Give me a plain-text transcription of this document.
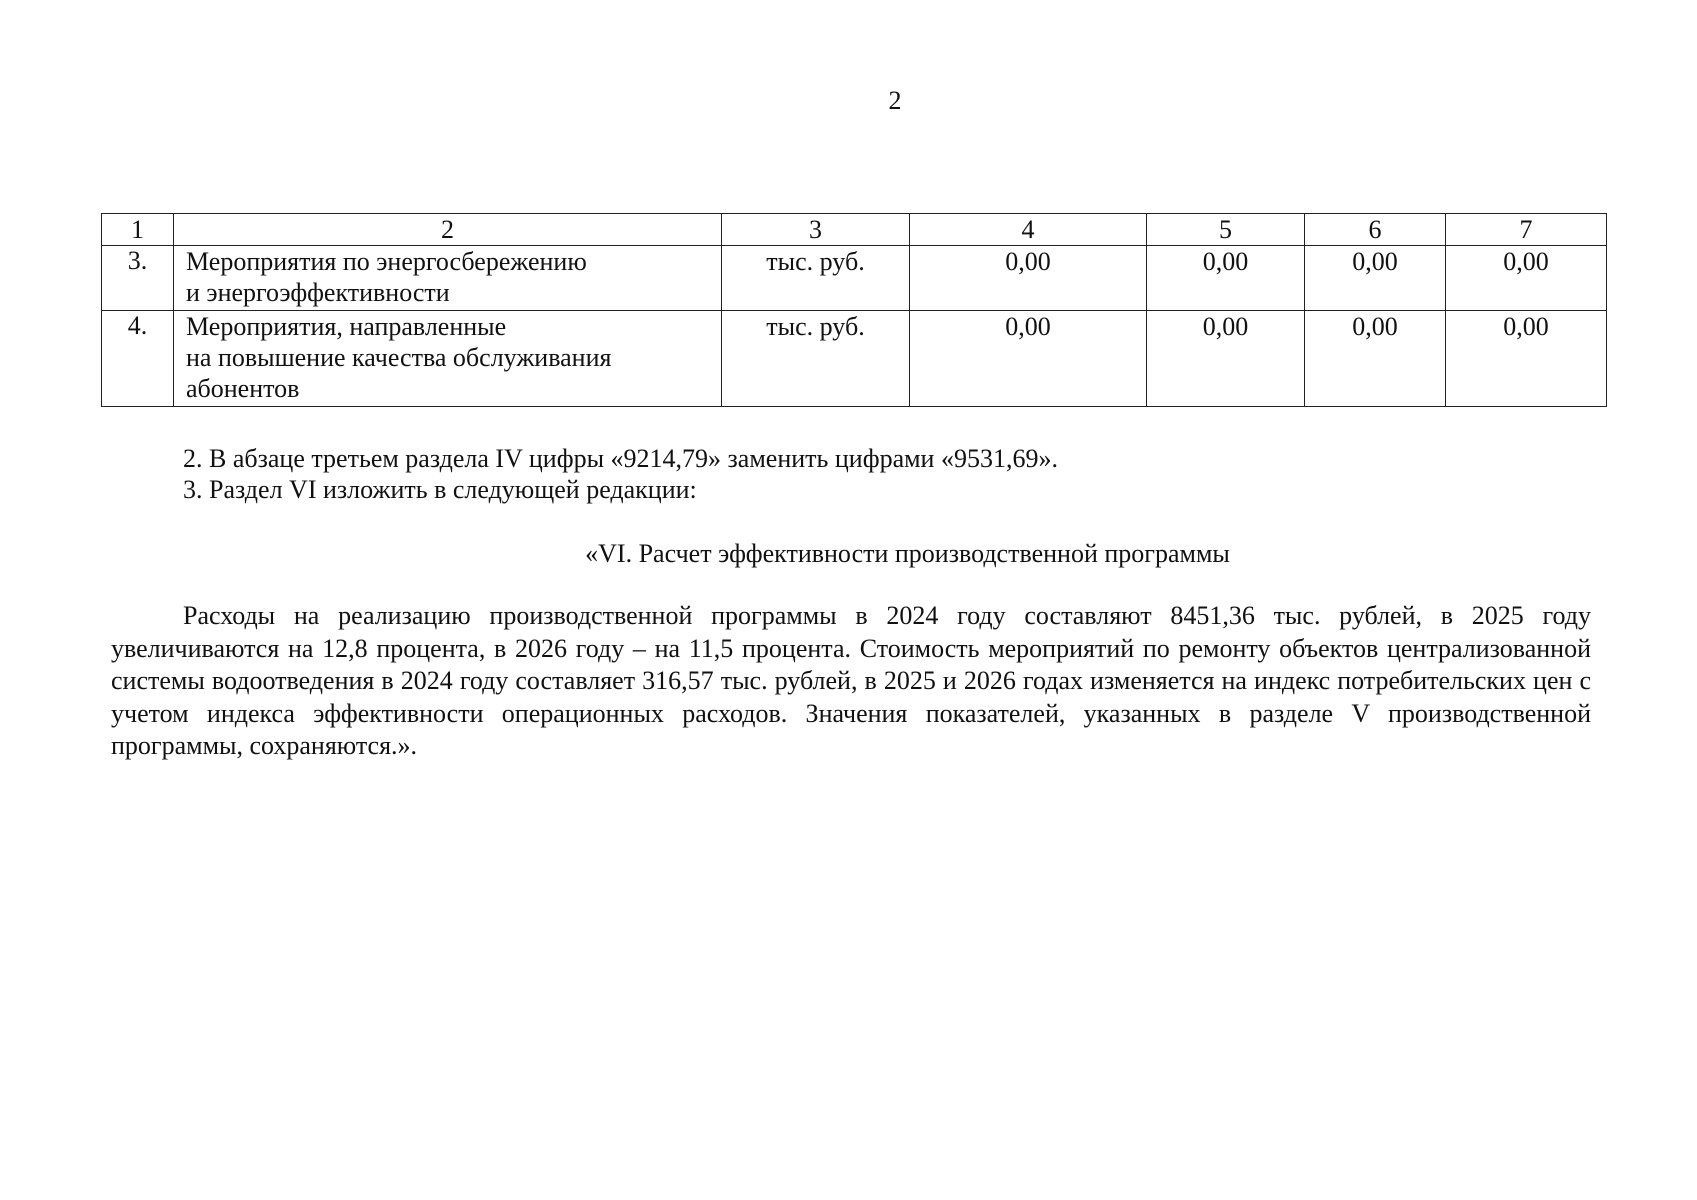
2
1	2	3	4	5	6	7
3.	Мероприятия по энергосбережению
и энергоэффективности	тыс. руб.	0,00	0,00	0,00	0,00
4.	Мероприятия, направленные
на повышение качества обслуживания
абонентов	тыс. руб.	0,00	0,00	0,00	0,00
2. В абзаце третьем раздела IV цифры «9214,79» заменить цифрами «9531,69».
3. Раздел VI изложить в следующей редакции:
«VI. Расчет эффективности производственной программы
Расходы на реализацию производственной программы в 2024 году составляют 8451,36 тыс. рублей, в 2025 году увеличиваются на 12,8 процента, в 2026 году – на 11,5 процента. Стоимость мероприятий по ремонту объектов централизованной системы водоотведения в 2024 году составляет 316,57 тыс. рублей, в 2025 и 2026 годах изменяется на индекс потребительских цен с учетом индекса эффективности операционных расходов. Значения показателей, указанных в разделе V производственной программы, сохраняются.».
